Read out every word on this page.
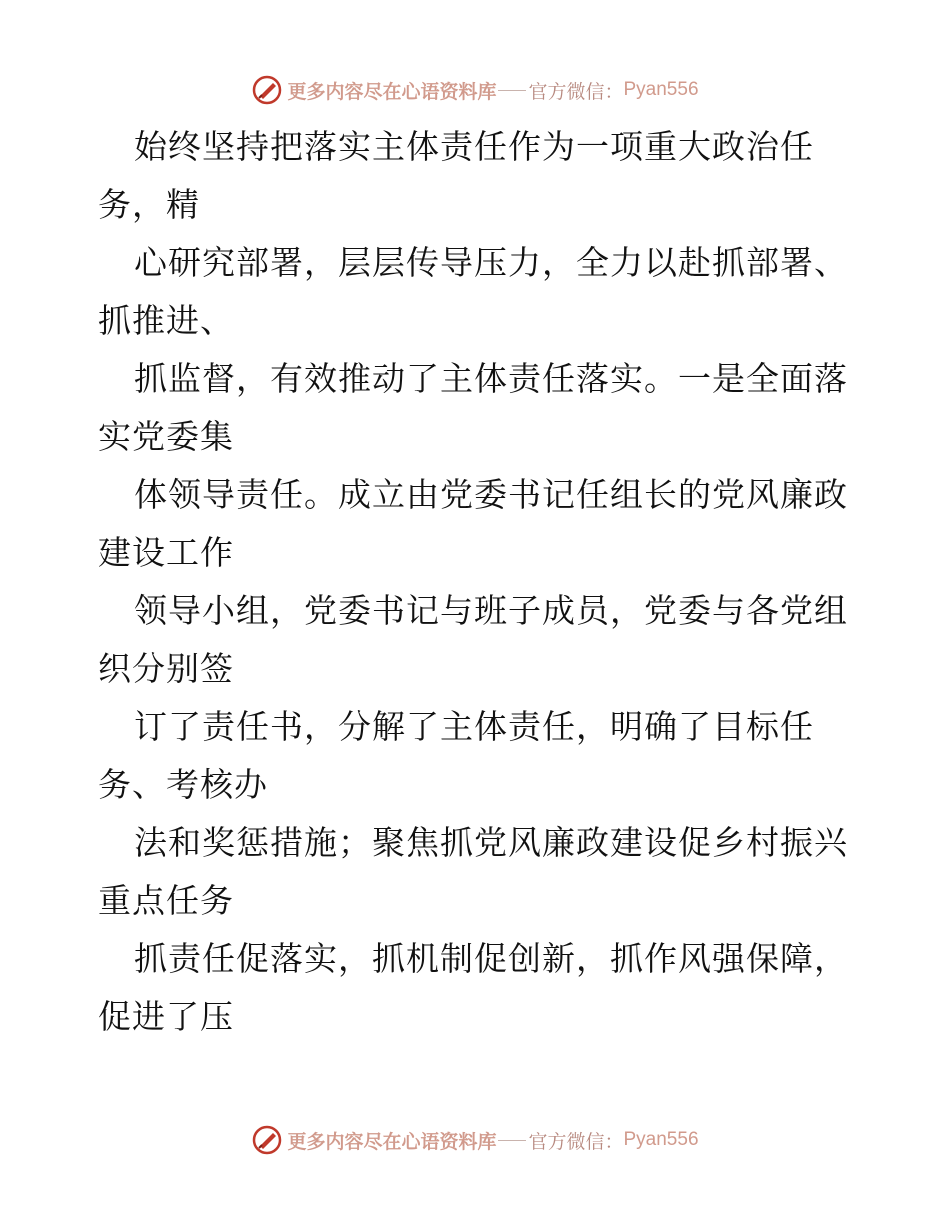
更多内容尽在心语资料库 官方微信： Pyan556
始终坚持把落实主体责任作为一项重大政治任
务，精
心研究部署，层层传导压力，全力以赴抓部署、
抓推进、
抓监督，有效推动了主体责任落实。一是全面落
实党委集
体领导责任。成立由党委书记任组长的党风廉政
建设工作
领导小组，党委书记与班子成员，党委与各党组
织分别签
订了责任书，分解了主体责任，明确了目标任
务、考核办
法和奖惩措施；聚焦抓党风廉政建设促乡村振兴
重点任务
抓责任促落实，抓机制促创新，抓作风强保障，
促进了压
更多内容尽在心语资料库 官方微信： Pyan556
